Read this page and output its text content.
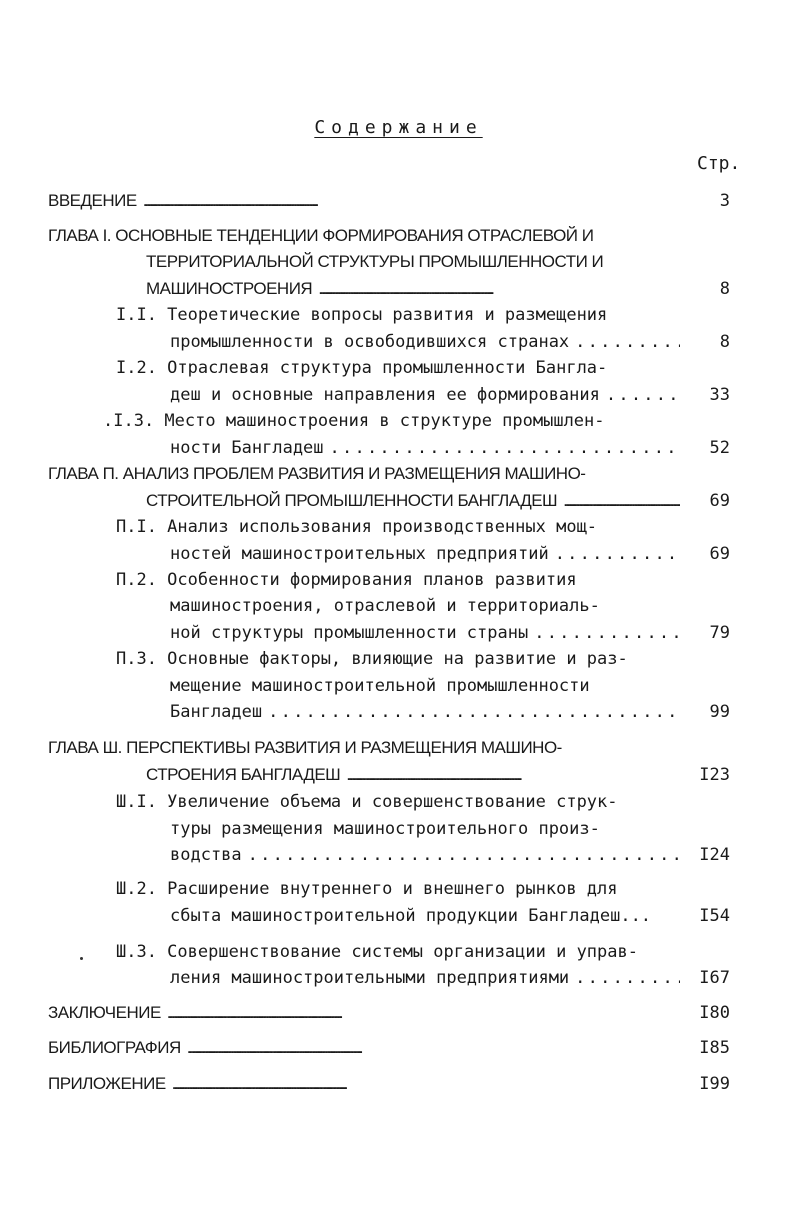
Содержание
Стр.
ВВЕДЕНИЕ . . .	3
ГЛАВА I. ОСНОВНЫЕ ТЕНДЕНЦИИ ФОРМИРОВАНИЯ ОТРАСЛЕВОЙ И
ТЕРРИТОРИАЛЬНОЙ СТРУКТУРЫ ПРОМЫШЛЕННОСТИ И
МАШИНОСТРОЕНИЯ . . .	8
I.I. Теоретические вопросы развития и размещения
промышленности в освободившихся странах . . .	8
I.2. Отраслевая структура промышленности Бангла-
деш и основные направления ее формирования . . .	33
.I.3. Место машиностроения в структуре промышлен-
ности Бангладеш . . .	52
ГЛАВА П. АНАЛИЗ ПРОБЛЕМ РАЗВИТИЯ И РАЗМЕЩЕНИЯ МАШИНО-
СТРОИТЕЛЬНОЙ ПРОМЫШЛЕННОСТИ БАНГЛАДЕШ . . .	69
П.I. Анализ использования производственных мощ-
ностей машиностроительных предприятий . . .	69
П.2. Особенности формирования планов развития
машиностроения, отраслевой и территориаль-
ной структуры промышленности страны . . .	79
П.3. Основные факторы, влияющие на развитие и раз-
мещение машиностроительной промышленности
Бангладеш . . .	99
ГЛАВА Ш. ПЕРСПЕКТИВЫ РАЗВИТИЯ И РАЗМЕЩЕНИЯ МАШИНО-
СТРОЕНИЯ БАНГЛАДЕШ . . .	I23
Ш.I. Увеличение объема и совершенствование струк-
туры размещения машиностроительного произ-
водства . . .	I24
Ш.2. Расширение внутреннего и внешнего рынков для
сбыта машиностроительной продукции Бангладеш...	I54
Ш.3. Совершенствование системы организации и управ-
ления машиностроительными предприятиями . . .	I67
ЗАКЛЮЧЕНИЕ . . .	I80
БИБЛИОГРАФИЯ . . .	I85
ПРИЛОЖЕНИЕ . . .	I99
